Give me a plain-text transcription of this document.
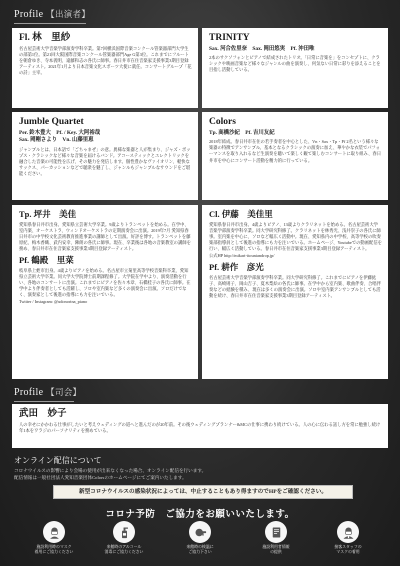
Profile 【出演者】
Fl. 林　里紗
名古屋芸術大学音楽学部演奏学科卒業。第7回横浜国際音楽コンクール管楽器部門大学生の部第1位。第21回大阪国際音楽コンクール管楽器部門Age G第3位。これまでにフルートを朝倉ゆき、寺本義明、遠藤和志の各氏に師事。春日井市在住音楽家支援事業3期目登録アーティスト。2021年1月より日本音楽文化スポーツ大使に就任。コンサートグループ「花の詩」主宰。
TRINITY
Sax. 河合佐里奈　Sax. 岡田悠実　Pf. 沖田唯
2本のサクソフォンとピアノで結成されたトリオ。「日常に音楽を」をコンセプトに、クラシックや映画音楽など様々なジャンルの曲を演奏し、何気ない日常に彩りを添えることを目指し活動している。
Jumble Quartet
Per. 鈴木豊大　Pf. / Key. 大阿裕哉
Sax. 岡剛さより　Vn. 山藤里恵
ジャンブルとは、日本語で「ごちゃまぜ」の意。異様な楽器と人が集まり、ジャズ・ポップス・クラシックなど様々な音楽を届けるバンド。アコースティックとエレクトリックを融合した音楽の可能性を広げ、その魅力を発信します。個性豊かなヴァイオリン、軽快なサックス、パーカッションなどで聴衆を魅了し、ジャンルもジャンブルなサウンドをご堪能ください。
Colors
Tp. 高橋沙紀　Pf. 吉川友紀
2018年結成。春日井市在住の若手奏者を中心とした、Vn・Sax・Tp・Pf 2名という様々な楽器の特徴でアンサンブル。基本となるクラシックの演奏に加え、華やかな衣装でパフォーマンスを取り入れるなど生演奏を聴いて楽しく観て楽しむコンサートに取り組み、春日井市を中心にコンサート活動を精力的に行っている。
Tp. 坪井　美佳
愛知県春日井市出身。愛知県立芸術大学卒業。9歳よりトランペットを始める。在学中、室内楽、オーケストラ、ウィンドオーケストラの定期演奏会に出演。2019年7月 愛知県春日井市の中学校文化芸術教育推進事業の講師として出演。好評を博す。トランペットを藤原紀、梅木香織、武内安幸、陳朗の各氏に師事。現在、卒業後は各地の音楽教室の講師を務め、春日井市在住音楽家支援事業3期目登録アーティスト。
Pf. 鶴殿　里菜
岐阜県上蛭市出身。4歳よりピアノを始める。名古屋市立菊里高等学校音楽科卒業、愛知県立芸術大学卒業。同大学大学院博士前期課程修了。大学院在学中より、演奏活動を行い、各地のコンサートに出演。これまでにピアノを佐々木章、石橋桂子の各氏に師事。在学中より伴奏者としても活躍し、ソロや室内楽など多くの演奏会に出演。ソロだけでなく、演奏家として後進の指導にも力を注いでいる。
Twitter / Instagram: @udonorina_piano
Cl. 伊藤　美佳里
愛知県春日井市出身。4歳よりピアノ、13歳よりクラリネットを始める。名古屋芸術大学音楽学部演奏学科卒業。同大学研究科修了。クラリネットを林秀光、浅井崇子の各氏に師事。室内楽を中心に、ソロなど幅広く活動中。現在、愛知県内の中学校、高等学校の吹奏楽部指導員として後進の指導にも力を注いでいる。ホームページ、Youtubeでの動画配信を行い、幅広く活動している。春日井市在住音楽家支援事業3期目登録アーティスト。
公式HP http://mikari-itouniandrop.jp/
Pf. 耕作　彦光
名古屋芸術大学音楽学部演奏学科卒業。同大学研究科修了。これまでにピアノを伊藤紘子、高崎則子、岡山吉子、夏木梨絵の各氏に師事。在学中から室内楽、歌曲伴奏、合唱伴奏などの経験を積み、現在は多くの演奏会に出演。ソロや室内楽アンサンブルとしても活動を続け、春日井市在住音楽家支援事業3期目登録アーティスト。
Profile 【司会】
武田　妙子
人の幸せにかかわる仕事がしたいと考えウェディングの道へと進んだのが20年前。その後ウェディングプランナー&MCの仕事に携わり続けている。人の心に伝わる話し方を常に勉強し続け年1本をワラジのパーソナリティを務めている。
オンライン配信について
コロナウイルスの影響により会場の使用が出来なくなった場合、オンライン配信を行います。
配信情報は一般社団法人愛知音楽団体Colorsのホームページにてご案内いたします。
新型コロナウイルスの感染状況によっては、中止することもあり得ますのでHPをご確認ください。
コロナ予防　ご協力をお願いいたします。
施設利用時のマスク
着用にご協力ください
来館時のアルコール
消毒にご協力ください
来館時の検温に
ご協力下さい
施設利用者情報
の提供
接客スタッフの
マスクの着用
